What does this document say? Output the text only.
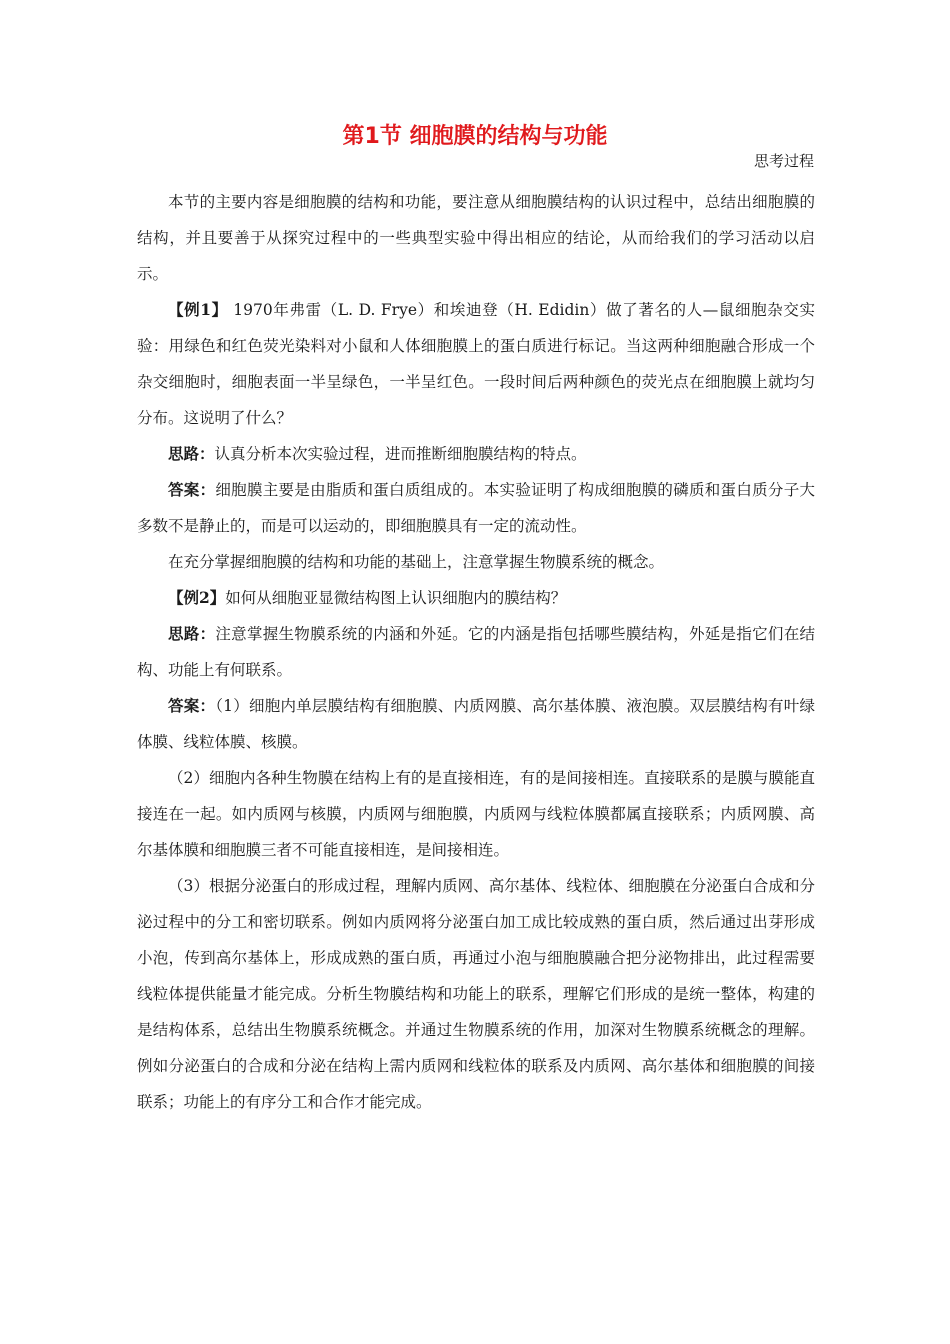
第1节 细胞膜的结构与功能
思考过程

本节的主要内容是细胞膜的结构和功能，要注意从细胞膜结构的认识过程中，总结出细胞膜的结构，并且要善于从探究过程中的一些典型实验中得出相应的结论，从而给我们的学习活动以启示。

【例1】 1970年弗雷（L. D. Frye）和埃迪登（H. Edidin）做了著名的人—鼠细胞杂交实验：用绿色和红色荧光染料对小鼠和人体细胞膜上的蛋白质进行标记。当这两种细胞融合形成一个杂交细胞时，细胞表面一半呈绿色，一半呈红色。一段时间后两种颜色的荧光点在细胞膜上就均匀分布。这说明了什么？

思路：认真分析本次实验过程，进而推断细胞膜结构的特点。

答案：细胞膜主要是由脂质和蛋白质组成的。本实验证明了构成细胞膜的磷质和蛋白质分子大多数不是静止的，而是可以运动的，即细胞膜具有一定的流动性。

在充分掌握细胞膜的结构和功能的基础上，注意掌握生物膜系统的概念。

【例2】如何从细胞亚显微结构图上认识细胞内的膜结构？

思路：注意掌握生物膜系统的内涵和外延。它的内涵是指包括哪些膜结构，外延是指它们在结构、功能上有何联系。

答案：（1）细胞内单层膜结构有细胞膜、内质网膜、高尔基体膜、液泡膜。双层膜结构有叶绿体膜、线粒体膜、核膜。

（2）细胞内各种生物膜在结构上有的是直接相连，有的是间接相连。直接联系的是膜与膜能直接连在一起。如内质网与核膜，内质网与细胞膜，内质网与线粒体膜都属直接联系；内质网膜、高尔基体膜和细胞膜三者不可能直接相连，是间接相连。

（3）根据分泌蛋白的形成过程，理解内质网、高尔基体、线粒体、细胞膜在分泌蛋白合成和分泌过程中的分工和密切联系。例如内质网将分泌蛋白加工成比较成熟的蛋白质，然后通过出芽形成小泡，传到高尔基体上，形成成熟的蛋白质，再通过小泡与细胞膜融合把分泌物排出，此过程需要线粒体提供能量才能完成。分析生物膜结构和功能上的联系，理解它们形成的是统一整体，构建的是结构体系，总结出生物膜系统概念。并通过生物膜系统的作用，加深对生物膜系统概念的理解。例如分泌蛋白的合成和分泌在结构上需内质网和线粒体的联系及内质网、高尔基体和细胞膜的间接联系；功能上的有序分工和合作才能完成。
